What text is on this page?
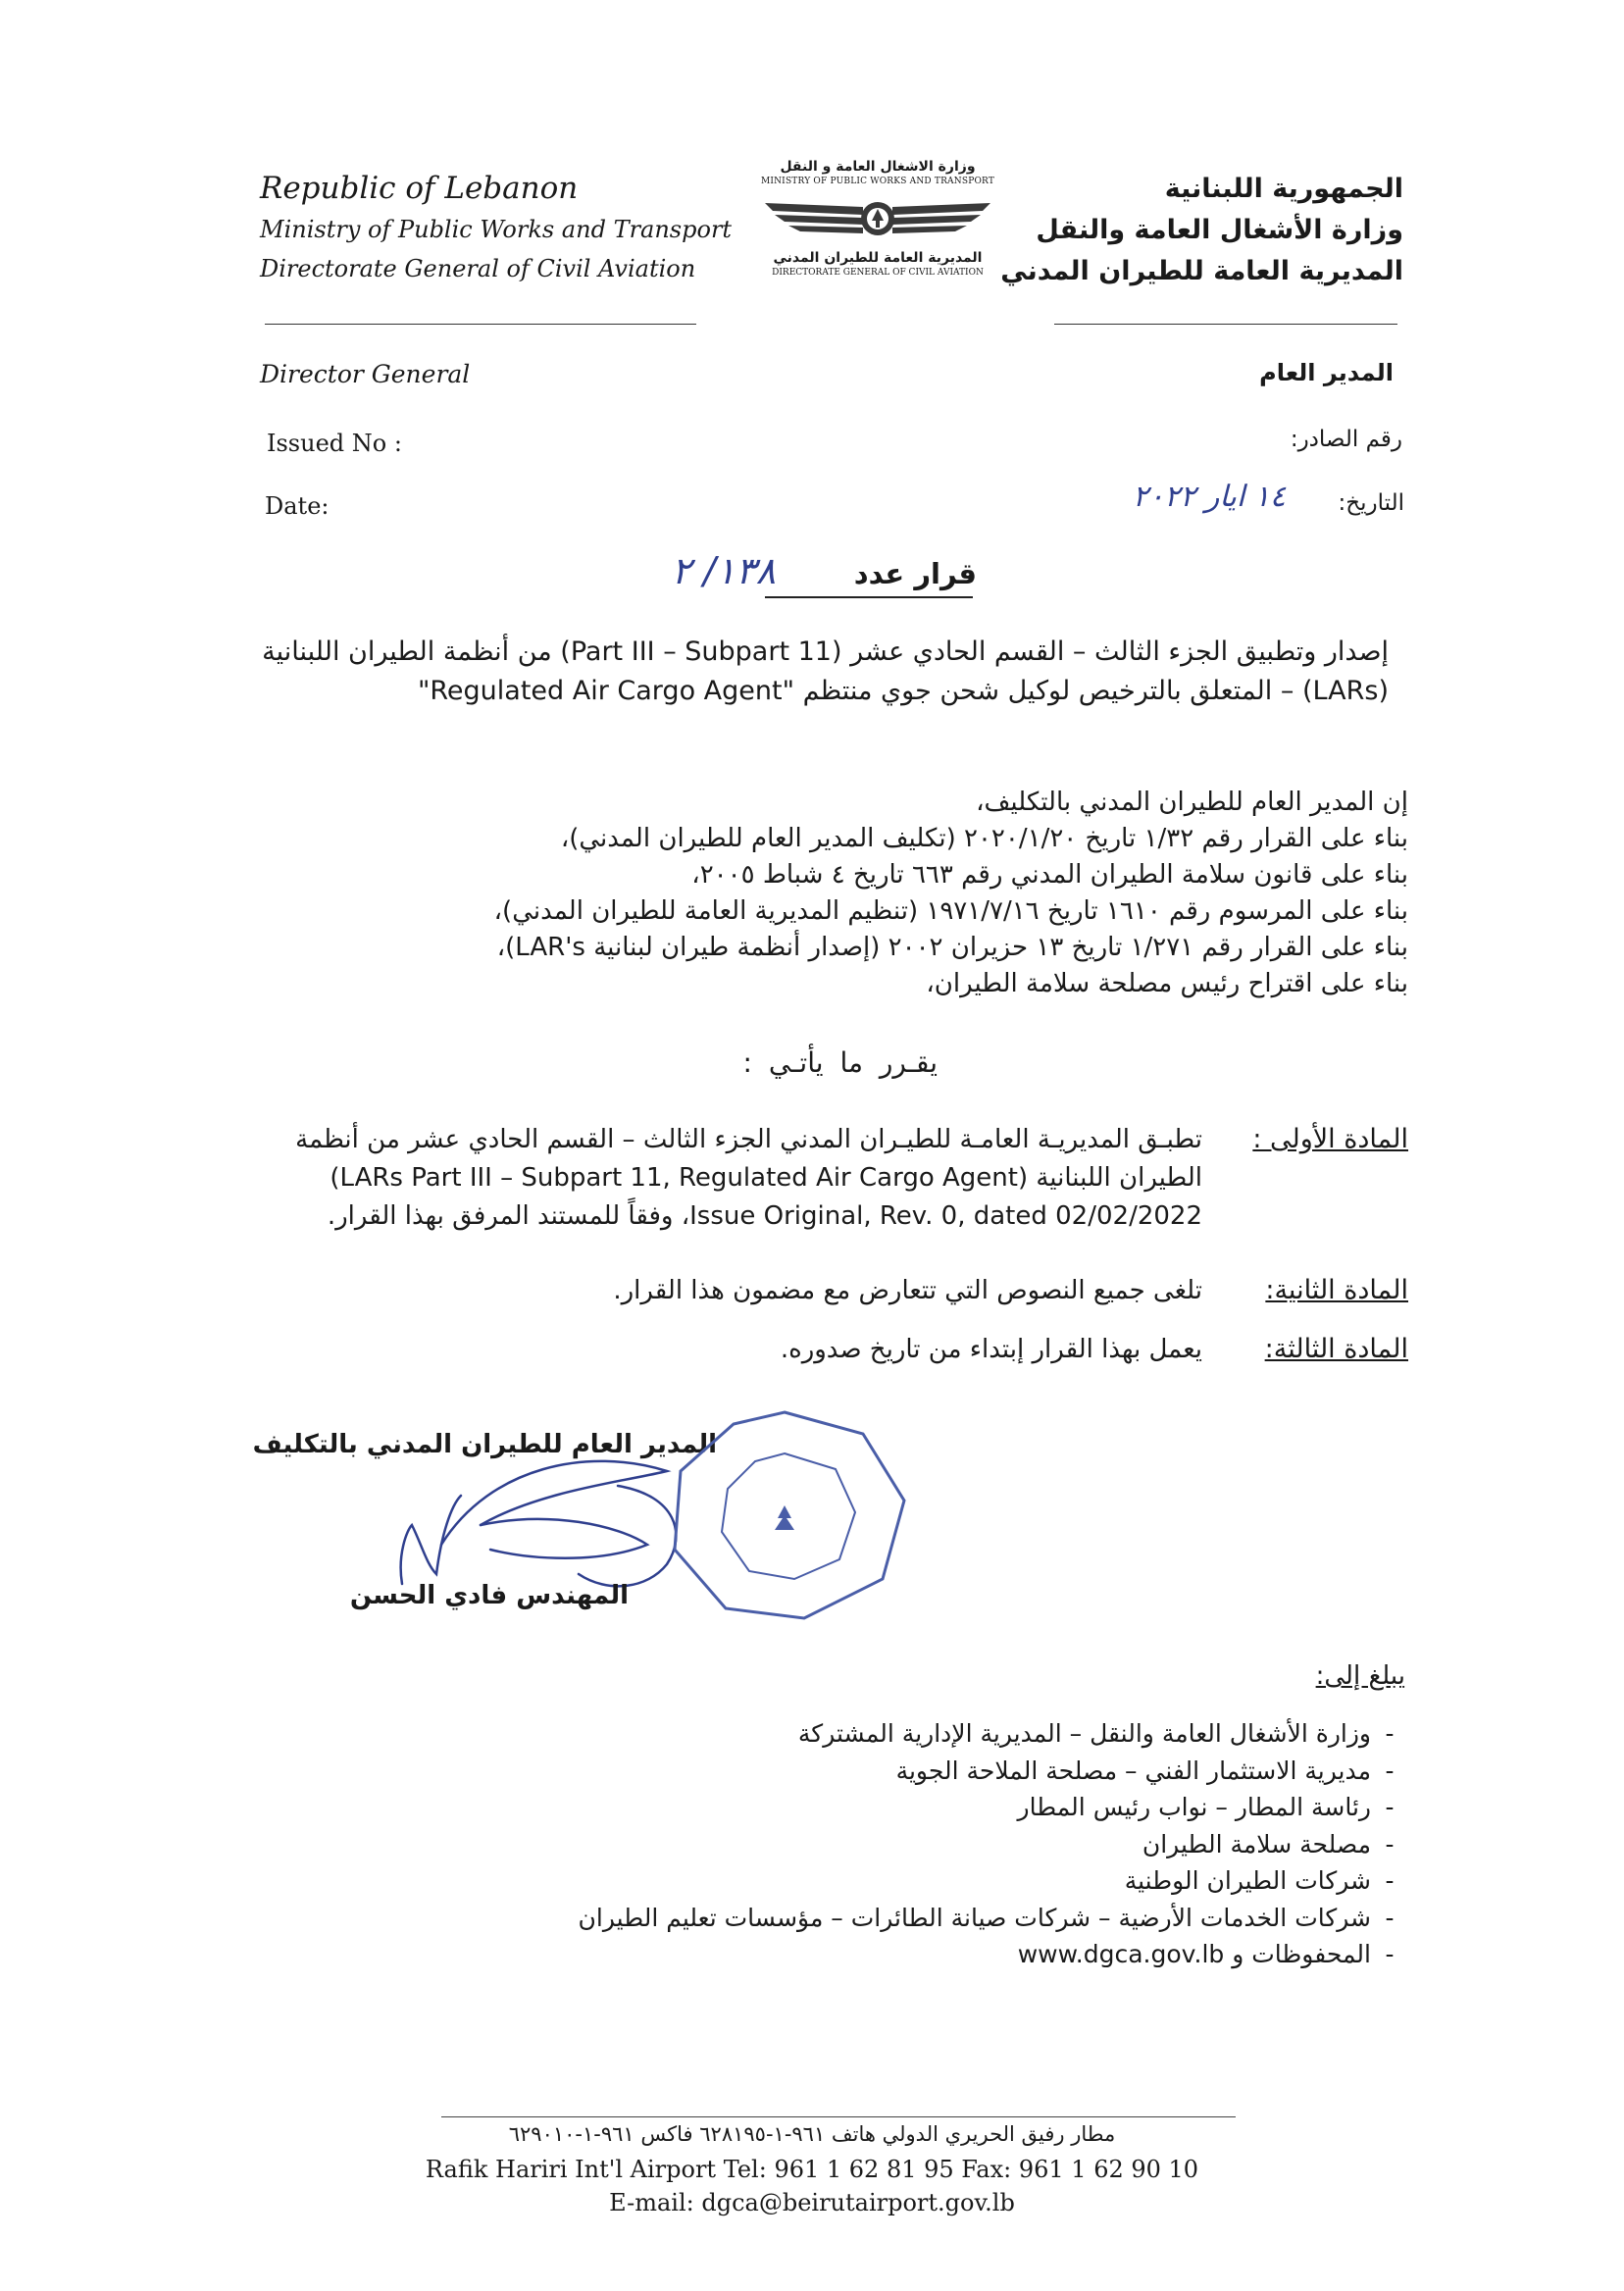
Republic of Lebanon
Ministry of Public Works and Transport
Directorate General of Civil Aviation
الجمهورية اللبنانية
وزارة الأشغال العامة والنقل
المديرية العامة للطيران المدني
وزارة الاشغال العامة و النقل
MINISTRY OF PUBLIC WORKS AND TRANSPORT
المديرية العامة للطيران المدني
DIRECTORATE GENERAL OF CIVIL AVIATION
Director General	المدير العام
Issued No :	رقم الصادر:
Date:	التاريخ:
١٤ ايار ٢٠٢٢
قرار عدد
١٣٨/ ٢
إصدار وتطبيق الجزء الثالث – القسم الحادي عشر (Part III – Subpart 11) من أنظمة الطيران اللبنانية
(LARs) – المتعلق بالترخيص لوكيل شحن جوي منتظم "Regulated Air Cargo Agent"
إن المدير العام للطيران المدني بالتكليف،
بناء على القرار رقم ١/٣٢ تاريخ ٢٠٢٠/١/٢٠ (تكليف المدير العام للطيران المدني)،
بناء على قانون سلامة الطيران المدني رقم ٦٦٣ تاريخ ٤ شباط ٢٠٠٥،
بناء على المرسوم رقم ١٦١٠ تاريخ ١٩٧١/٧/١٦ (تنظيم المديرية العامة للطيران المدني)،
بناء على القرار رقم ١/٢٧١ تاريخ ١٣ حزيران ٢٠٠٢ (إصدار أنظمة طيران لبنانية LAR's)،
بناء على اقتراح رئيس مصلحة سلامة الطيران،
يقـرر ما يأتـي :
المادة الأولى :
تطبـق المديريـة العامـة للطيـران المدني الجزء الثالث – القسم الحادي عشر من أنظمة
الطيران اللبنانية (LARs Part III – Subpart 11, Regulated Air Cargo Agent)
Issue Original, Rev. 0, dated 02/02/2022، وفقاً للمستند المرفق بهذا القرار.
المادة الثانية:
تلغى جميع النصوص التي تتعارض مع مضمون هذا القرار.
المادة الثالثة:
يعمل بهذا القرار إبتداء من تاريخ صدوره.
المدير العام للطيران المدني بالتكليف
المهندس فادي الحسن
يبلغ إلى:
-وزارة الأشغال العامة والنقل – المديرية الإدارية المشتركة
-مديرية الاستثمار الفني – مصلحة الملاحة الجوية
-رئاسة المطار – نواب رئيس المطار
-مصلحة سلامة الطيران
-شركات الطيران الوطنية
-شركات الخدمات الأرضية – شركات صيانة الطائرات – مؤسسات تعليم الطيران
-المحفوظات و www.dgca.gov.lb
مطار رفيق الحريري الدولي هاتف ٩٦١-١-٦٢٨١٩٥ فاكس ٩٦١-١-٦٢٩٠١٠
Rafik Hariri Int'l Airport Tel: 961 1 62 81 95 Fax: 961 1 62 90 10
E-mail: dgca@beirutairport.gov.lb
